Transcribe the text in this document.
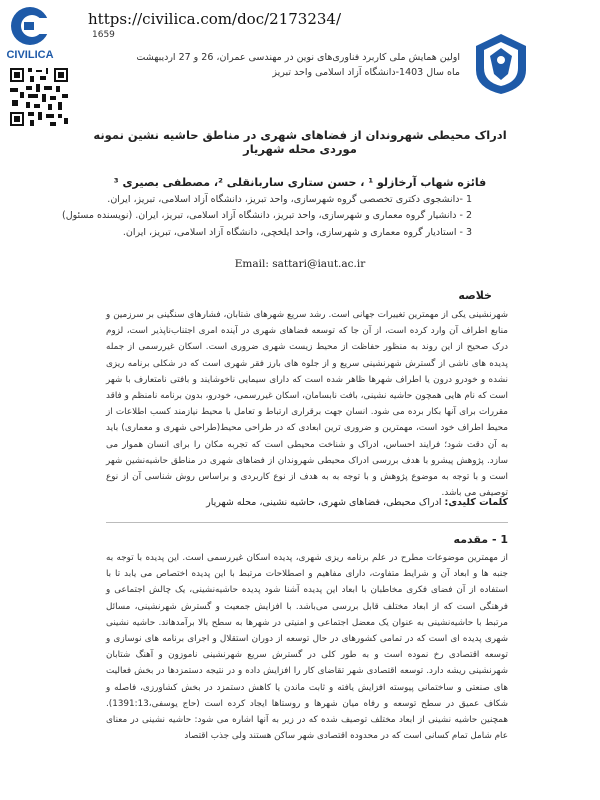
CIVILICA
https://civilica.com/doc/2173234/
1659
اولین همایش ملی کاربرد فناوری‌های نوین در مهندسی عمران، 26 و 27 اردیبهشت ماه سال 1403-دانشگاه آزاد اسلامی واحد تبریز
ادراک محیطی شهروندان از فضاهای شهری در مناطق حاشیه نشین نمونه موردی محله شهریار
فائزه شهاب آرخازلو ¹ ، حسن ستاری ساربانقلی ²، مصطفی بصیری ³
1 -دانشجوی دکتری تخصصی گروه شهرسازی، واحد تبریز، دانشگاه آزاد اسلامی، تبریز، ایران.
2 - دانشیار گروه معماری و شهرسازی، واحد تبریز، دانشگاه آزاد اسلامی، تبریز، ایران. (نویسنده مسئول)
3 - استادیار گروه معماری و شهرسازی، واحد ایلخچی، دانشگاه آزاد اسلامی، تبریز، ایران.
Email: sattari@iaut.ac.ir
خلاصه
شهرنشینی یکی از مهمترین تغییرات جهانی است. رشد سریع شهرهای شتابان، فشارهای سنگینی بر سرزمین و منابع اطراف آن وارد کرده است، از آن جا که توسعه فضاهای شهری در آینده امری اجتناب‌ناپذیر است، لزوم درک صحیح از این روند به منظور حفاظت از محیط زیست شهری ضروری است. اسکان غیررسمی از جمله پدیده های ناشی از گسترش شهرنشینی سریع و از جلوه های بارز فقر شهری است که در شکلی برنامه ریزی نشده و خودرو درون یا اطراف شهرها ظاهر شده است که دارای سیمایی ناخوشایند و بافتی نامتعارف با شهر است که نام هایی همچون حاشیه نشینی، بافت نابسامان، اسکان غیررسمی، خودرو، بدون برنامه نامنظم و فاقد مقررات برای آنها بکار برده می شود. انسان جهت برقراری ارتباط و تعامل با محیط نیازمند کسب اطلاعات از محیط اطراف خود است، مهمترین و ضروری ترین ابعادی که در طراحی محیط(طراحی شهری و معماری) باید به آن دقت شود؛ فرایند احساس، ادراک و شناخت محیطی است که تجربه مکان را برای انسان هموار می سازد. پژوهش پیشرو با هدف بررسی ادراک محیطی شهروندان از فضاهای شهری در مناطق حاشیه‌نشین شهر است و با توجه به موضوع پژوهش و با توجه به به هدف از نوع کاربردی و براساس روش شناسی آن از نوع توصیفی می باشد.
کلمات کلیدی: ادراک محیطی، فضاهای شهری، حاشیه نشینی، محله شهریار
1 - مقدمه
از مهمترین موضوعات مطرح در علم برنامه ریزی شهری، پدیده اسکان غیررسمی است. این پدیده با توجه به جنبه ها و ابعاد آن و شرایط متفاوت، دارای مفاهیم و اصطلاحات مرتبط با این پدیده اختصاص می یابد تا با استفاده از آن فضای فکری مخاطبان با ابعاد این پدیده آشنا شود پدیده حاشیه‌نشینی، یک چالش اجتماعی و فرهنگی است که از ابعاد مختلف قابل بررسی می‌باشد. با افزایش جمعیت و گسترش شهرنشینی، مسائل مرتبط با حاشیه‌نشینی به عنوان یک معضل اجتماعی و امنیتی در شهرها به سطح بالا برآمدهاند. حاشیه نشینی شهری پدیده ای است که در تمامی کشورهای در حال توسعه از دوران استقلال و اجرای برنامه های نوسازی و توسعه اقتصادی رخ نموده است و به طور کلی در گسترش سریع شهرنشینی ناموزون و آهنگ شتابان شهرنشینی ریشه دارد. توسعه اقتصادی شهر تقاضای کار را افزایش داده و در نتیجه دستمزدها در بخش فعالیت های صنعتی و ساختمانی پیوسته افزایش یافته و ثابت ماندن یا کاهش دستمزد در بخش کشاورزی، فاصله و شکاف عمیق در سطح توسعه و رفاه میان شهرها و روستاها ایجاد کرده است (حاج یوسفی،1391:13). همچنین حاشیه نشینی از ابعاد مختلف توصیف شده که در زیر به آنها اشاره می شود: حاشیه نشینی در معنای عام شامل تمام کسانی است که در محدوده اقتصادی شهر ساکن هستند ولی جذب اقتصاد
